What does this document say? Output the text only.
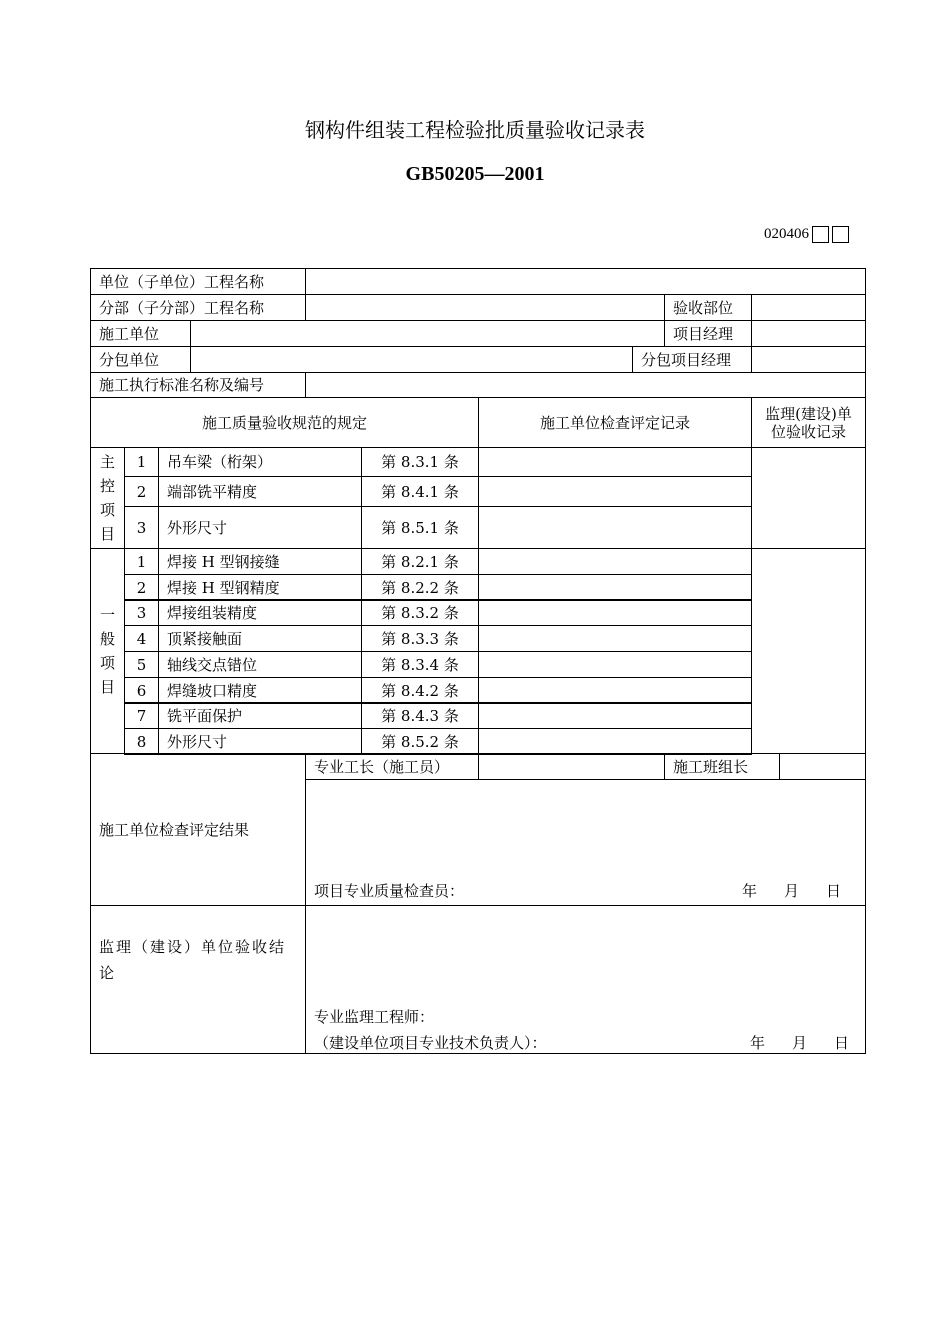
钢构件组装工程检验批质量验收记录表
GB50205—2001
020406
单位（子单位）工程名称
分部（子分部）工程名称	验收部位
施工单位	项目经理
分包单位	分包项目经理
施工执行标准名称及编号
施工质量验收规范的规定	施工单位检查评定记录	监理(建设)单位验收记录
主
控
项
目
1	吊车梁（桁架）	第 8.3.1 条
2	端部铣平精度	第 8.4.1 条
3	外形尺寸	第 8.5.1 条
一
般
项
目
1	焊接 H 型钢接缝	第 8.2.1 条
2	焊接 H 型钢精度	第 8.2.2 条
3	焊接组装精度	第 8.3.2 条
4	顶紧接触面	第 8.3.3 条
5	轴线交点错位	第 8.3.4 条
6	焊缝坡口精度	第 8.4.2 条
7	铣平面保护	第 8.4.3 条
8	外形尺寸	第 8.5.2 条
施工单位检查评定结果
专业工长（施工员）	施工班组长
项目专业质量检查员：	年 月 日
监理（建设）单位验收结论
专业监理工程师：
（建设单位项目专业技术负责人）：	年 月 日
